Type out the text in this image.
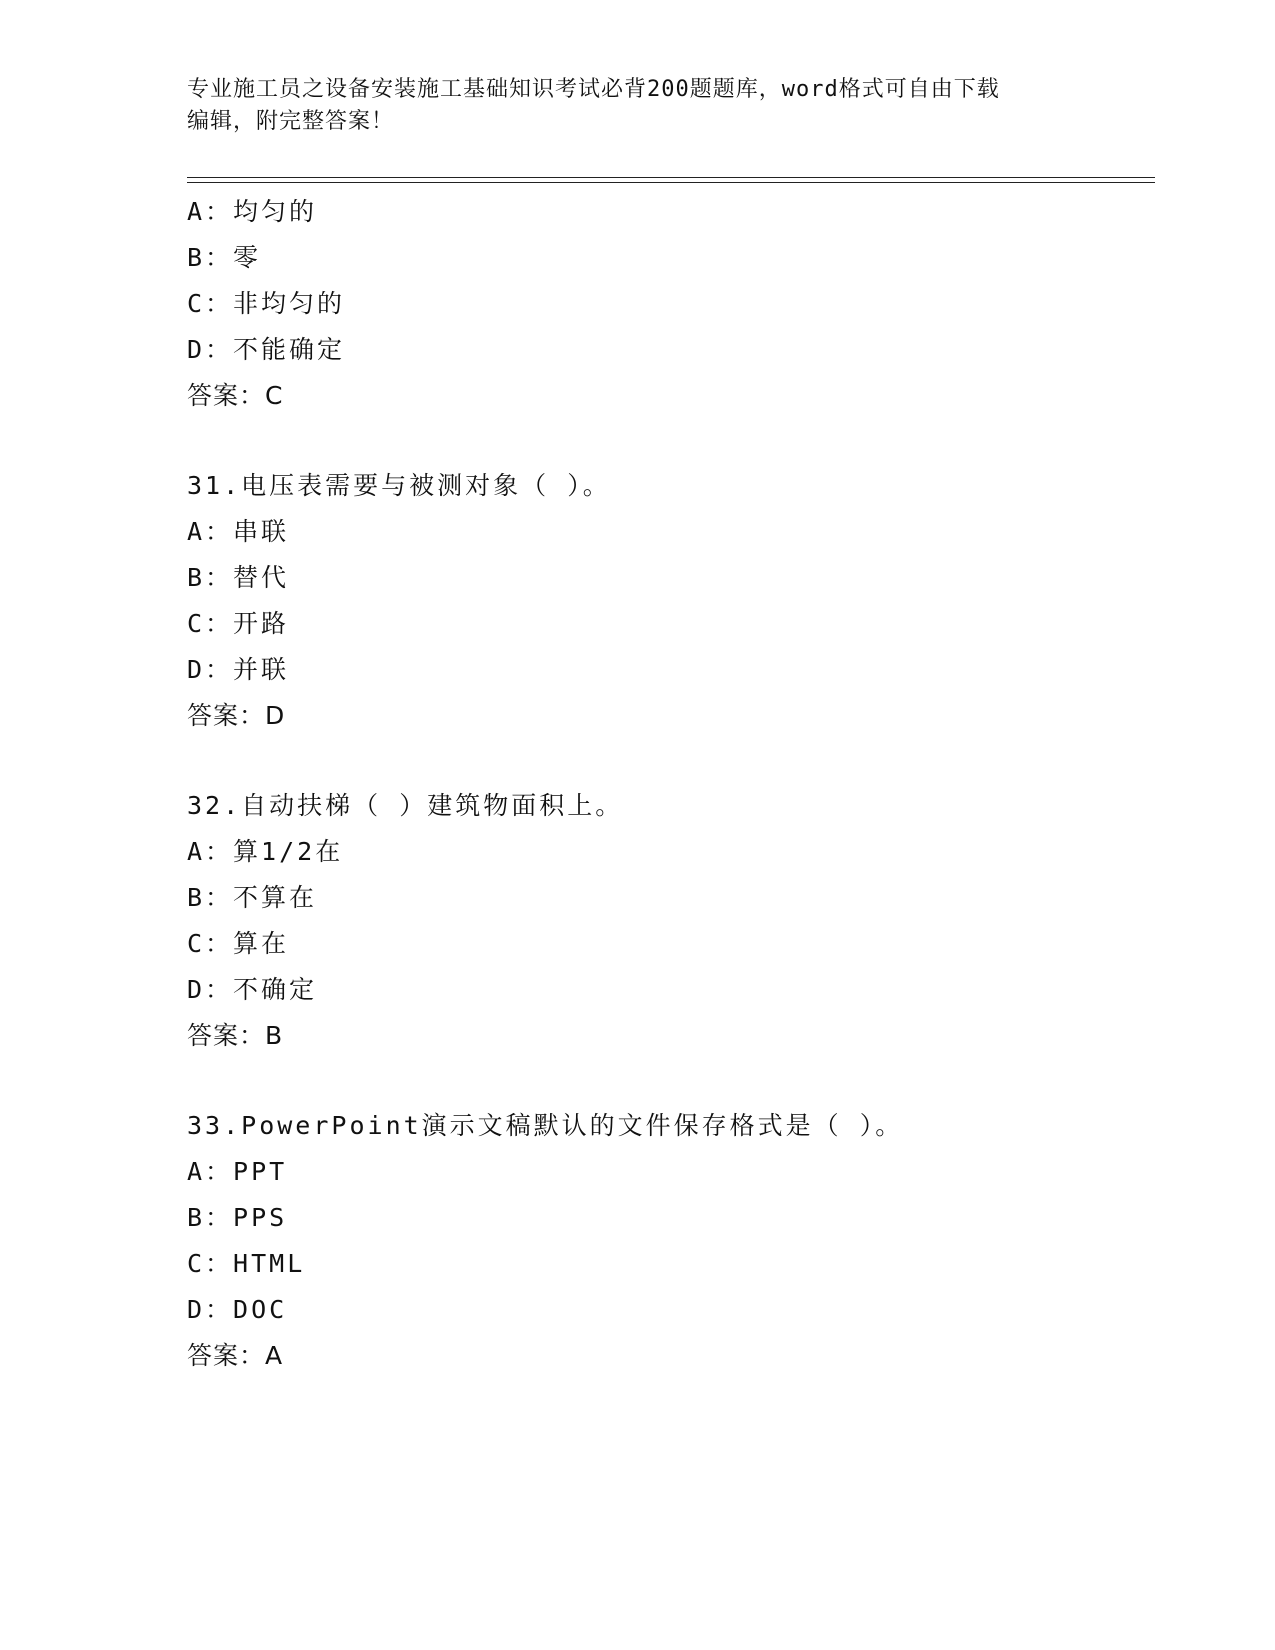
专业施工员之设备安装施工基础知识考试必背200题题库，word格式可自由下载
编辑，附完整答案！
A：均匀的
B：零
C：非均匀的
D：不能确定
答案：C
31.电压表需要与被测对象（ ）。
A：串联
B：替代
C：开路
D：并联
答案：D
32.自动扶梯（ ）建筑物面积上。
A：算1/2在
B：不算在
C：算在
D：不确定
答案：B
33.PowerPoint演示文稿默认的文件保存格式是（ ）。
A：PPT
B：PPS
C：HTML
D：DOC
答案：A
